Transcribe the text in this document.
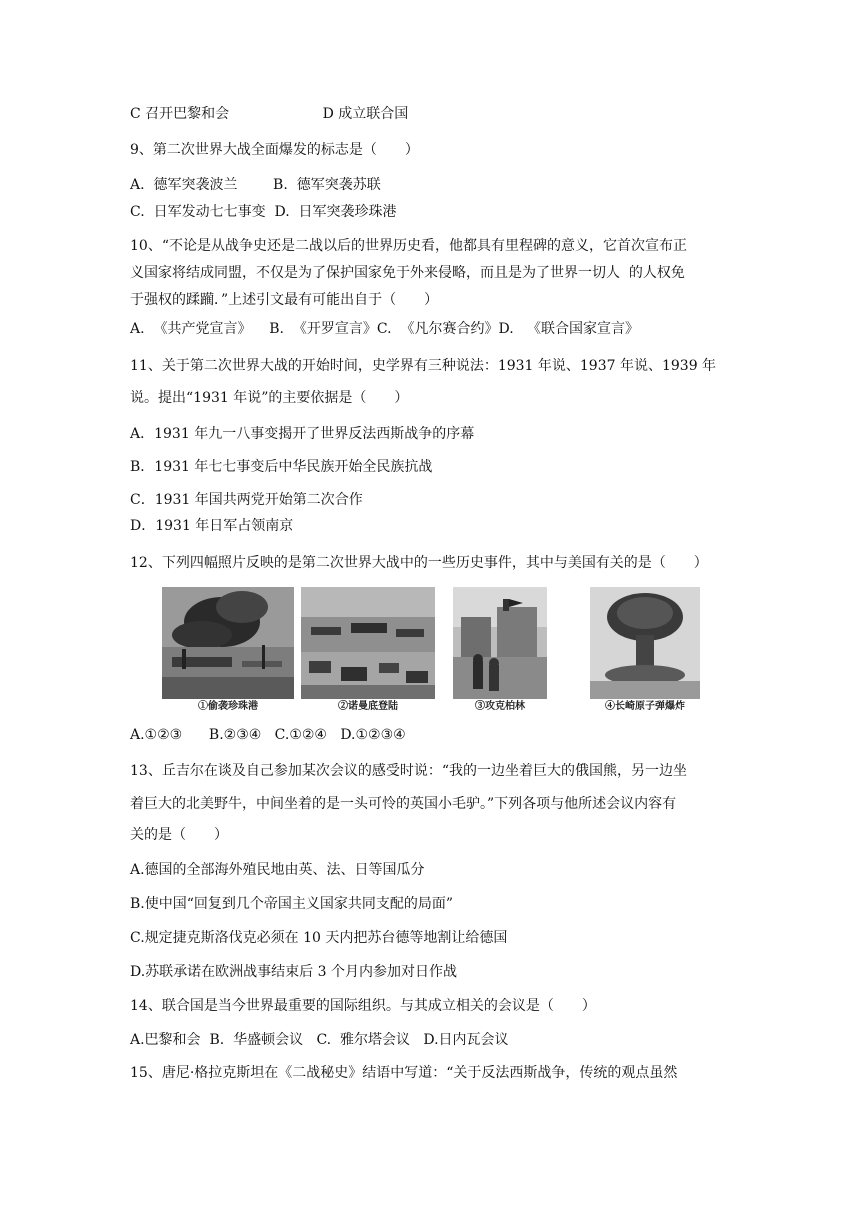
C 召开巴黎和会                     D 成立联合国
9、第二次世界大战全面爆发的标志是（　　）
A.  德军突袭波兰        B.  德军突袭苏联
C.  日军发动七七事变  D.  日军突袭珍珠港
10、“不论是从战争史还是二战以后的世界历史看，他都具有里程碑的意义，它首次宣布正
义国家将结成同盟，不仅是为了保护国家免于外来侵略，而且是为了世界一切人  的人权免
于强权的蹂躏．”上述引文最有可能出自于（　　）
A.  《共产党宣言》    B.  《开罗宣言》C.  《凡尔赛合约》D.   《联合国家宣言》
11、关于第二次世界大战的开始时间，史学界有三种说法：1931 年说、1937 年说、1939 年
说。提出“1931 年说”的主要依据是（　　）
A．1931 年九一八事变揭开了世界反法西斯战争的序幕
B．1931 年七七事变后中华民族开始全民族抗战
C．1931 年国共两党开始第二次合作
D．1931 年日军占领南京
12、下列四幅照片反映的是第二次世界大战中的一些历史事件，其中与美国有关的是（　　）
①偷袭珍珠港	②诺曼底登陆	③攻克柏林	④长崎原子弹爆炸
A.①②③      B.②③④   C.①②④   D.①②③④
13、丘吉尔在谈及自己参加某次会议的感受时说：“我的一边坐着巨大的俄国熊，另一边坐
着巨大的北美野牛，中间坐着的是一头可怜的英国小毛驴。”下列各项与他所述会议内容有
关的是（　　）
A.德国的全部海外殖民地由英、法、日等国瓜分
B.使中国“回复到几个帝国主义国家共同支配的局面”
C.规定捷克斯洛伐克必须在 10 天内把苏台德等地割让给德国
D.苏联承诺在欧洲战事结束后 3 个月内参加对日作战
14、联合国是当今世界最重要的国际组织。与其成立相关的会议是（　　）
A.巴黎和会  B.  华盛顿会议   C.  雅尔塔会议   D.日内瓦会议
15、唐尼·格拉克斯坦在《二战秘史》结语中写道：“关于反法西斯战争，传统的观点虽然
